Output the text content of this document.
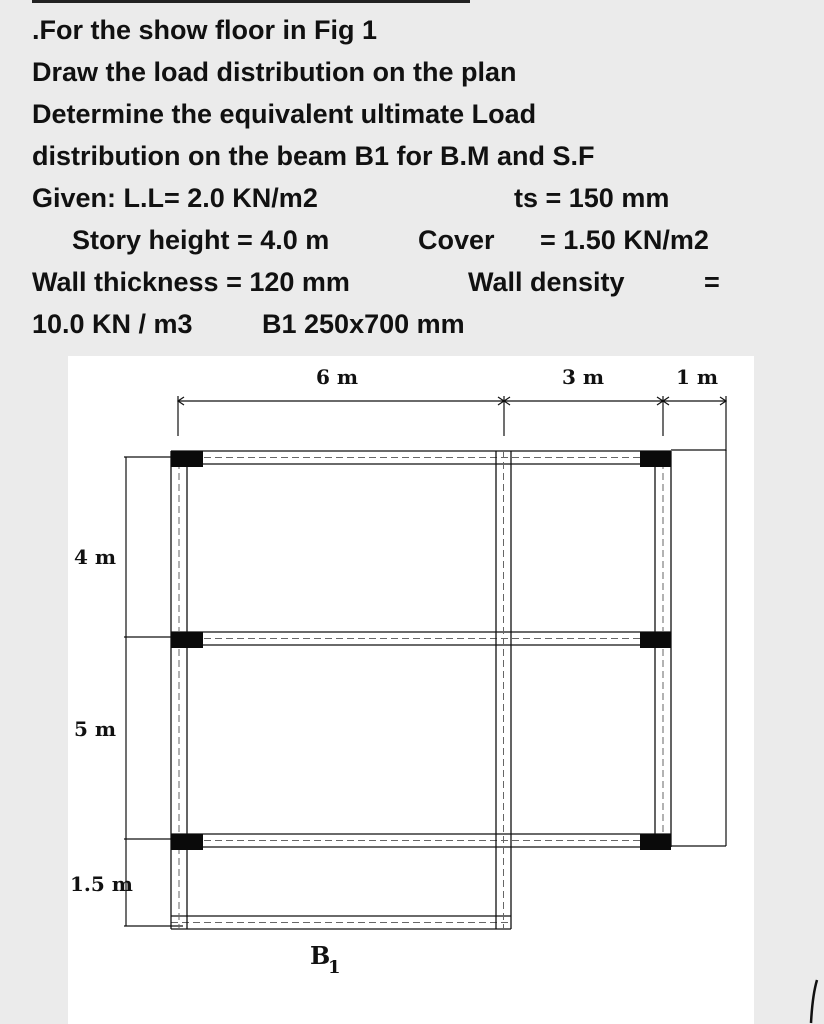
.For the show floor in Fig 1
Draw the load distribution on the plan
Determine the equivalent ultimate Load
distribution on the beam B1 for B.M and S.F
Given: L.L= 2.0 KN/m2	ts = 150 mm
Story height = 4.0 m	Cover = 1.50 KN/m2
Wall thickness = 120 mm	Wall density	=
10.0 KN / m3	B1 250x700 mm
6 m	3 m	1 m
4 m
5 m
1.5 m
B
1
